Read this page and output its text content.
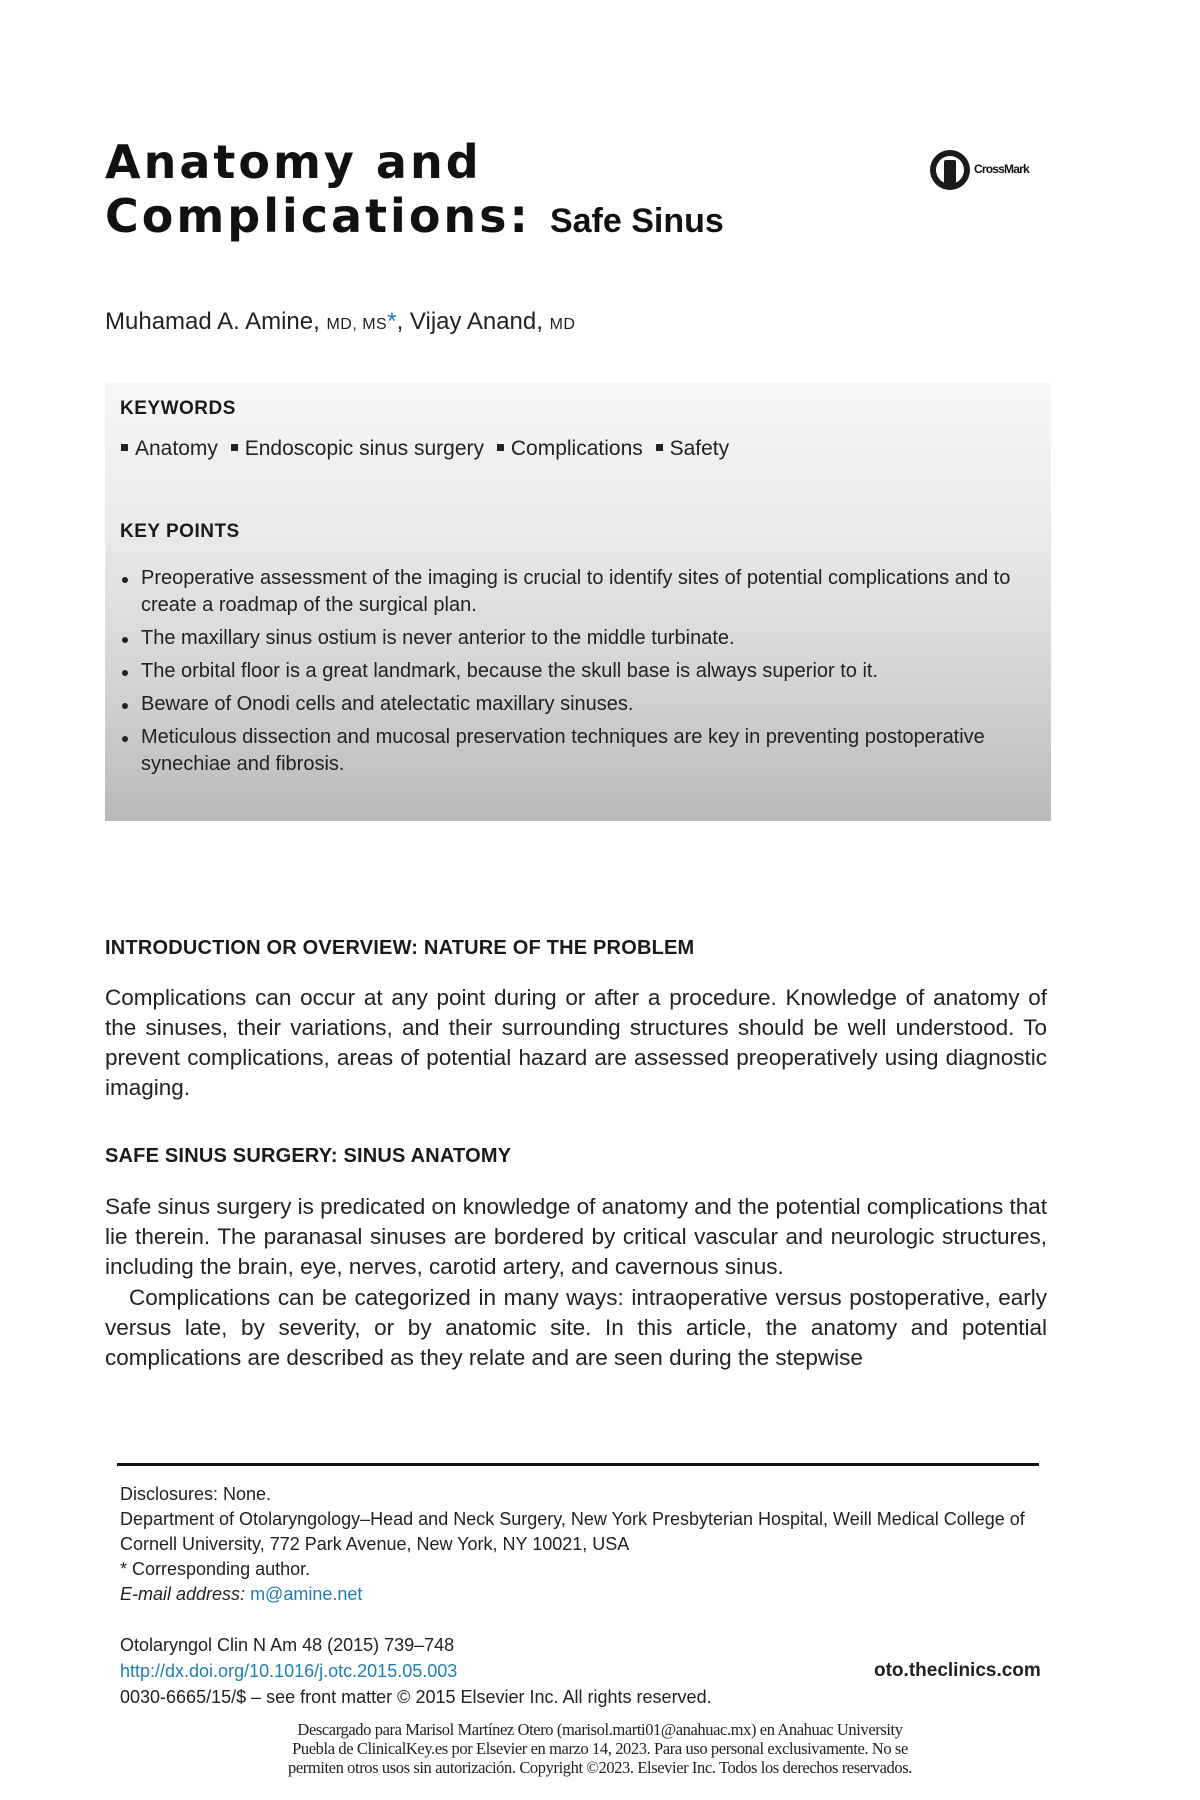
Anatomy and
Complications: Safe Sinus
CrossMark
Muhamad A. Amine, MD, MS*, Vijay Anand, MD
KEYWORDS
Anatomy Endoscopic sinus surgery Complications Safety
KEY POINTS
Preoperative assessment of the imaging is crucial to identify sites of potential complications and to create a roadmap of the surgical plan.
The maxillary sinus ostium is never anterior to the middle turbinate.
The orbital floor is a great landmark, because the skull base is always superior to it.
Beware of Onodi cells and atelectatic maxillary sinuses.
Meticulous dissection and mucosal preservation techniques are key in preventing postoperative synechiae and fibrosis.
INTRODUCTION OR OVERVIEW: NATURE OF THE PROBLEM

Complications can occur at any point during or after a procedure. Knowledge of anatomy of the sinuses, their variations, and their surrounding structures should be well understood. To prevent complications, areas of potential hazard are assessed preoperatively using diagnostic imaging.

SAFE SINUS SURGERY: SINUS ANATOMY

Safe sinus surgery is predicated on knowledge of anatomy and the potential complications that lie therein. The paranasal sinuses are bordered by critical vascular and neurologic structures, including the brain, eye, nerves, carotid artery, and cavernous sinus.

Complications can be categorized in many ways: intraoperative versus postoperative, early versus late, by severity, or by anatomic site. In this article, the anatomy and potential complications are described as they relate and are seen during the stepwise

Disclosures: None.

Department of Otolaryngology–Head and Neck Surgery, New York Presbyterian Hospital, Weill Medical College of Cornell University, 772 Park Avenue, New York, NY 10021, USA

* Corresponding author.

E-mail address: m@amine.net

Otolaryngol Clin N Am 48 (2015) 739–748

http://dx.doi.org/10.1016/j.otc.2015.05.003

0030-6665/15/$ – see front matter © 2015 Elsevier Inc. All rights reserved.

oto.theclinics.com
Descargado para Marisol Martínez Otero (marisol.marti01@anahuac.mx) en Anahuac University
Puebla de ClinicalKey.es por Elsevier en marzo 14, 2023. Para uso personal exclusivamente. No se
permiten otros usos sin autorización. Copyright ©2023. Elsevier Inc. Todos los derechos reservados.
